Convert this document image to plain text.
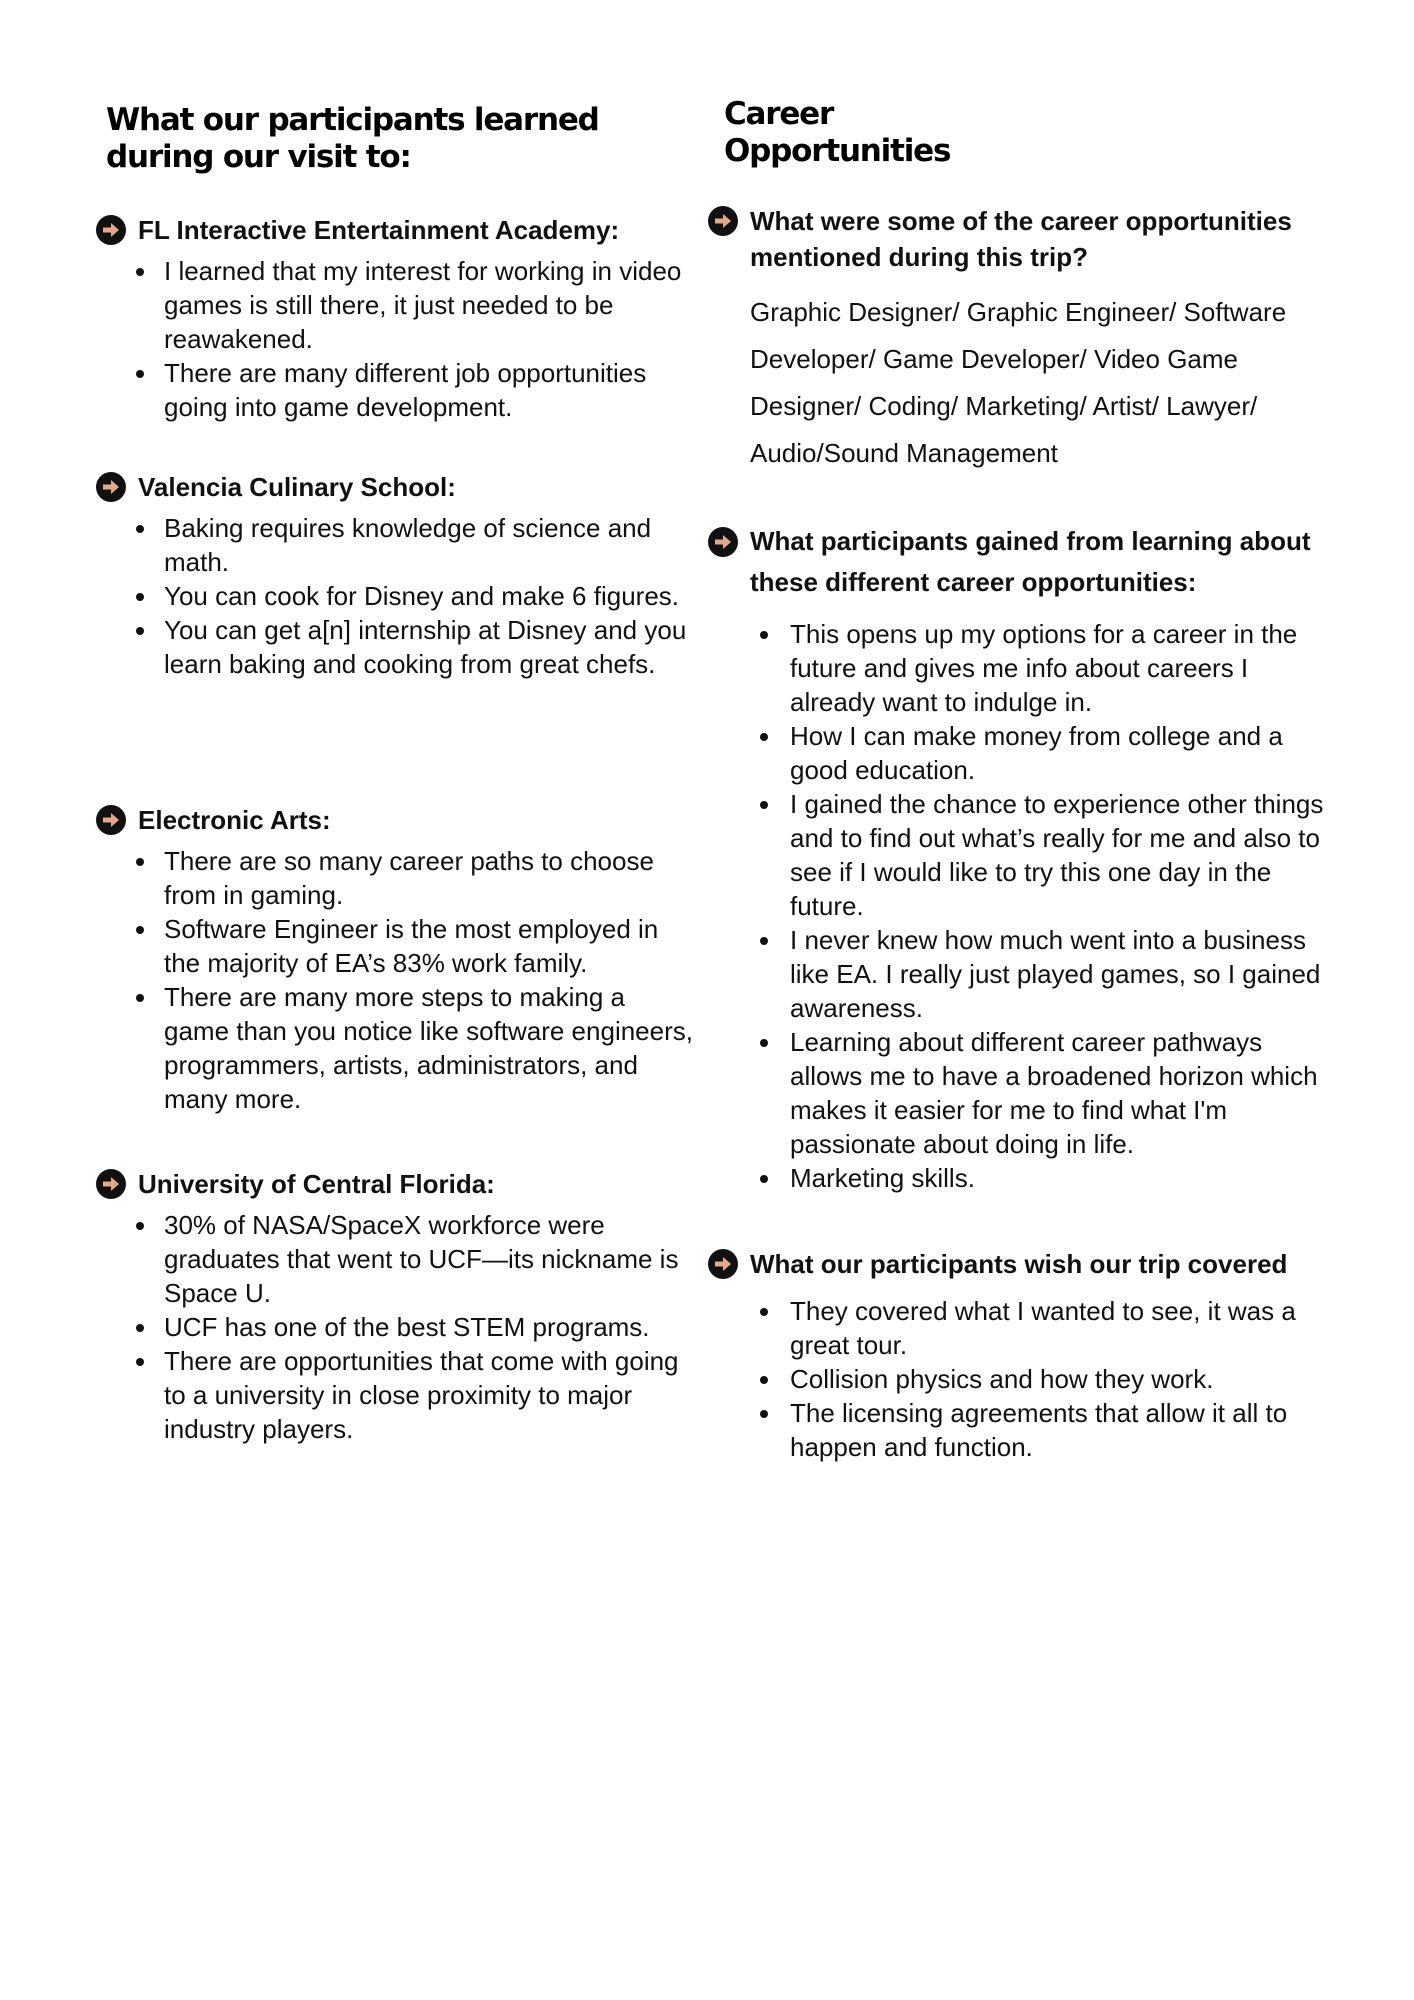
What our participants learned
during our visit to:
FL Interactive Entertainment Academy:
I learned that my interest for working in video games is still there, it just needed to be reawakened.
There are many different job opportunities going into game development.
Valencia Culinary School:
Baking requires knowledge of science and math.
You can cook for Disney and make 6 figures.
You can get a[n] internship at Disney and you learn baking and cooking from great chefs.
Electronic Arts:
There are so many career paths to choose from in gaming.
Software Engineer is the most employed in the majority of EA’s 83% work family.
There are many more steps to making a game than you notice like software engineers, programmers, artists, administrators, and many more.
University of Central Florida:
30% of NASA/SpaceX workforce were graduates that went to UCF—its nickname is Space U.
UCF has one of the best STEM programs.
There are opportunities that come with going to a university in close proximity to major industry players.
Career
Opportunities
What were some of the career opportunities mentioned during this trip?

Graphic Designer/ Graphic Engineer/ Software Developer/ Game Developer/ Video Game Designer/ Coding/ Marketing/ Artist/ Lawyer/ Audio/Sound Management

What participants gained from learning about these different career opportunities:
This opens up my options for a career in the future and gives me info about careers I already want to indulge in.
How I can make money from college and a good education.
I gained the chance to experience other things and to find out what’s really for me and also to see if I would like to try this one day in the future.
I never knew how much went into a business like EA. I really just played games, so I gained awareness.
Learning about different career pathways allows me to have a broadened horizon which makes it easier for me to find what I'm passionate about doing in life.
Marketing skills.
What our participants wish our trip covered
They covered what I wanted to see, it was a great tour.
Collision physics and how they work.
The licensing agreements that allow it all to happen and function.
